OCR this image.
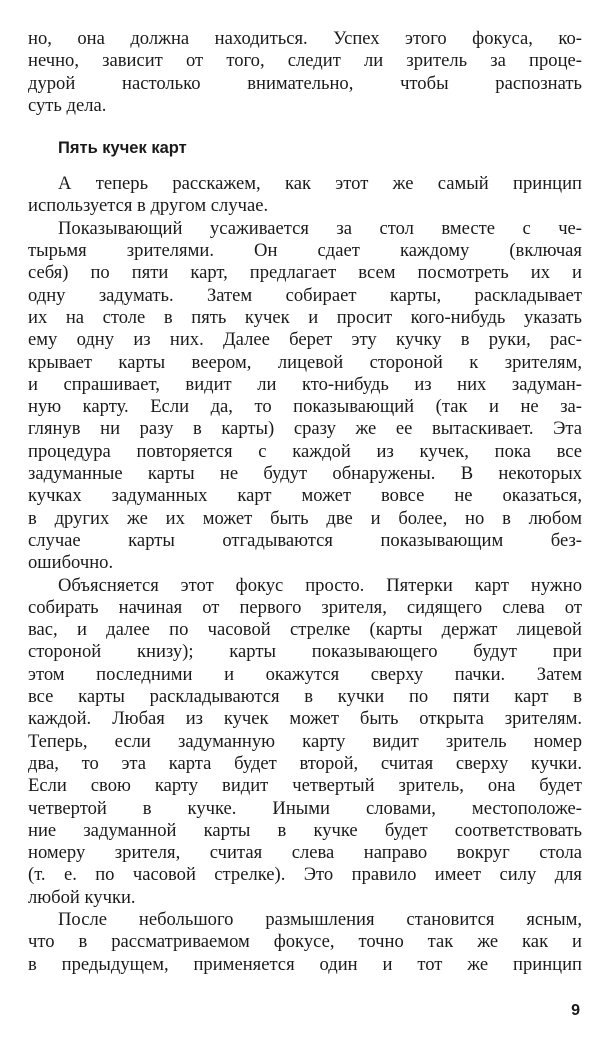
но, она должна находиться. Успех этого фокуса, ко-
нечно, зависит от того, следит ли зритель за проце-
дурой настолько внимательно, чтобы распознать
суть дела.
Пять кучек карт
А теперь расскажем, как этот же самый принцип
используется в другом случае.
Показывающий усаживается за стол вместе с че-
тырьмя зрителями. Он сдает каждому (включая
себя) по пяти карт, предлагает всем посмотреть их и
одну задумать. Затем собирает карты, раскладывает
их на столе в пять кучек и просит кого-нибудь указать
ему одну из них. Далее берет эту кучку в руки, рас-
крывает карты веером, лицевой стороной к зрителям,
и спрашивает, видит ли кто-нибудь из них задуман-
ную карту. Если да, то показывающий (так и не за-
глянув ни разу в карты) сразу же ее вытаскивает. Эта
процедура повторяется с каждой из кучек, пока все
задуманные карты не будут обнаружены. В некоторых
кучках задуманных карт может вовсе не оказаться,
в других же их может быть две и более, но в любом
случае карты отгадываются показывающим без-
ошибочно.
Объясняется этот фокус просто. Пятерки карт нужно
собирать начиная от первого зрителя, сидящего слева от
вас, и далее по часовой стрелке (карты держат лицевой
стороной книзу); карты показывающего будут при
этом последними и окажутся сверху пачки. Затем
все карты раскладываются в кучки по пяти карт в
каждой. Любая из кучек может быть открыта зрителям.
Теперь, если задуманную карту видит зритель номер
два, то эта карта будет второй, считая сверху кучки.
Если свою карту видит четвертый зритель, она будет
четвертой в кучке. Иными словами, местоположе-
ние задуманной карты в кучке будет соответствовать
номеру зрителя, считая слева направо вокруг стола
(т. е. по часовой стрелке). Это правило имеет силу для
любой кучки.
После небольшого размышления становится ясным,
что в рассматриваемом фокусе, точно так же как и
в предыдущем, применяется один и тот же принцип
9
